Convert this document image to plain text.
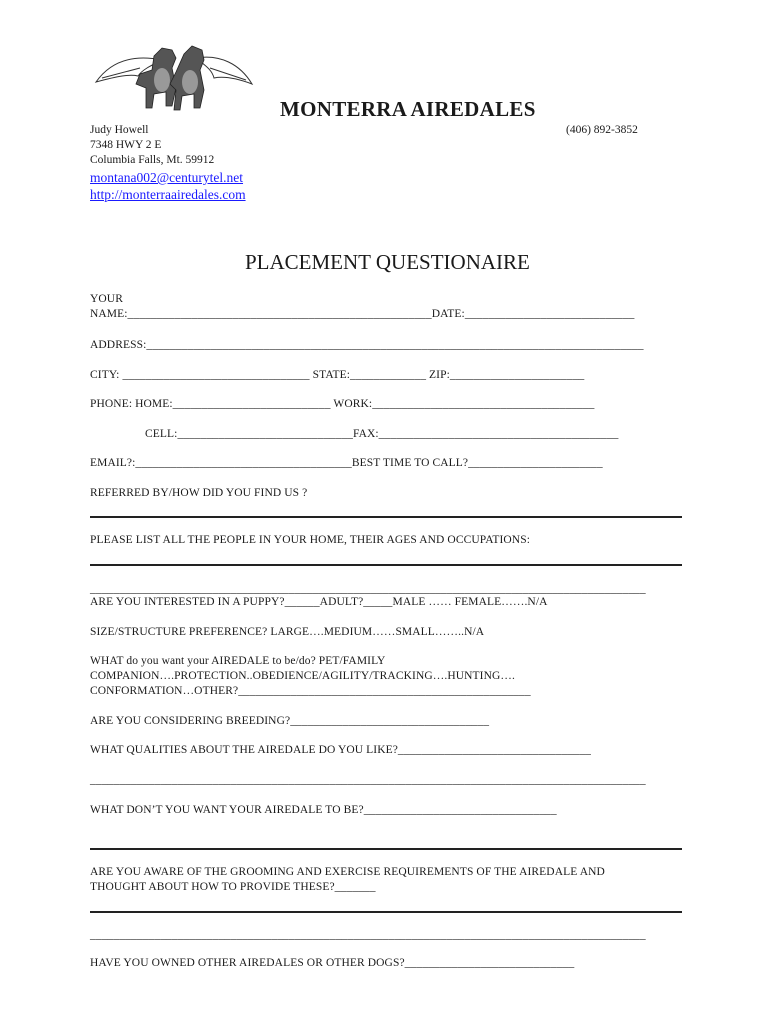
MONTERRA AIREDALES
(406) 892-3852
Judy Howell
7348 HWY 2 E
Columbia Falls, Mt. 59912
montana002@centurytel.net
http://monterraairedales.com
PLACEMENT QUESTIONAIRE
YOUR
NAME:____________________________________________________DATE:_____________________________
ADDRESS:_____________________________________________________________________________________
CITY: ________________________________ STATE:_____________ ZIP:_______________________
PHONE: HOME:___________________________ WORK:______________________________________
CELL:______________________________FAX:_________________________________________
EMAIL?:_____________________________________BEST TIME TO CALL?_______________________
REFERRED BY/HOW DID YOU FIND US ?
PLEASE LIST ALL THE PEOPLE IN YOUR HOME, THEIR AGES AND OCCUPATIONS:
_______________________________________________________________________________________________
ARE YOU INTERESTED IN A PUPPY?______ADULT?_____MALE …… FEMALE…….N/A
SIZE/STRUCTURE PREFERENCE? LARGE….MEDIUM……SMALL……..N/A
WHAT do you want your AIREDALE to be/do? PET/FAMILY
COMPANION….PROTECTION..OBEDIENCE/AGILITY/TRACKING….HUNTING….
CONFORMATION…OTHER?__________________________________________________
ARE YOU CONSIDERING BREEDING?__________________________________
WHAT QUALITIES ABOUT THE AIREDALE DO YOU LIKE?_________________________________
_______________________________________________________________________________________________
WHAT DON’T YOU WANT YOUR AIREDALE TO BE?_________________________________
ARE YOU AWARE OF THE GROOMING AND EXERCISE REQUIREMENTS OF THE AIREDALE AND
THOUGHT ABOUT HOW TO PROVIDE THESE?_______
_______________________________________________________________________________________________
HAVE YOU OWNED OTHER AIREDALES OR OTHER DOGS?_____________________________
